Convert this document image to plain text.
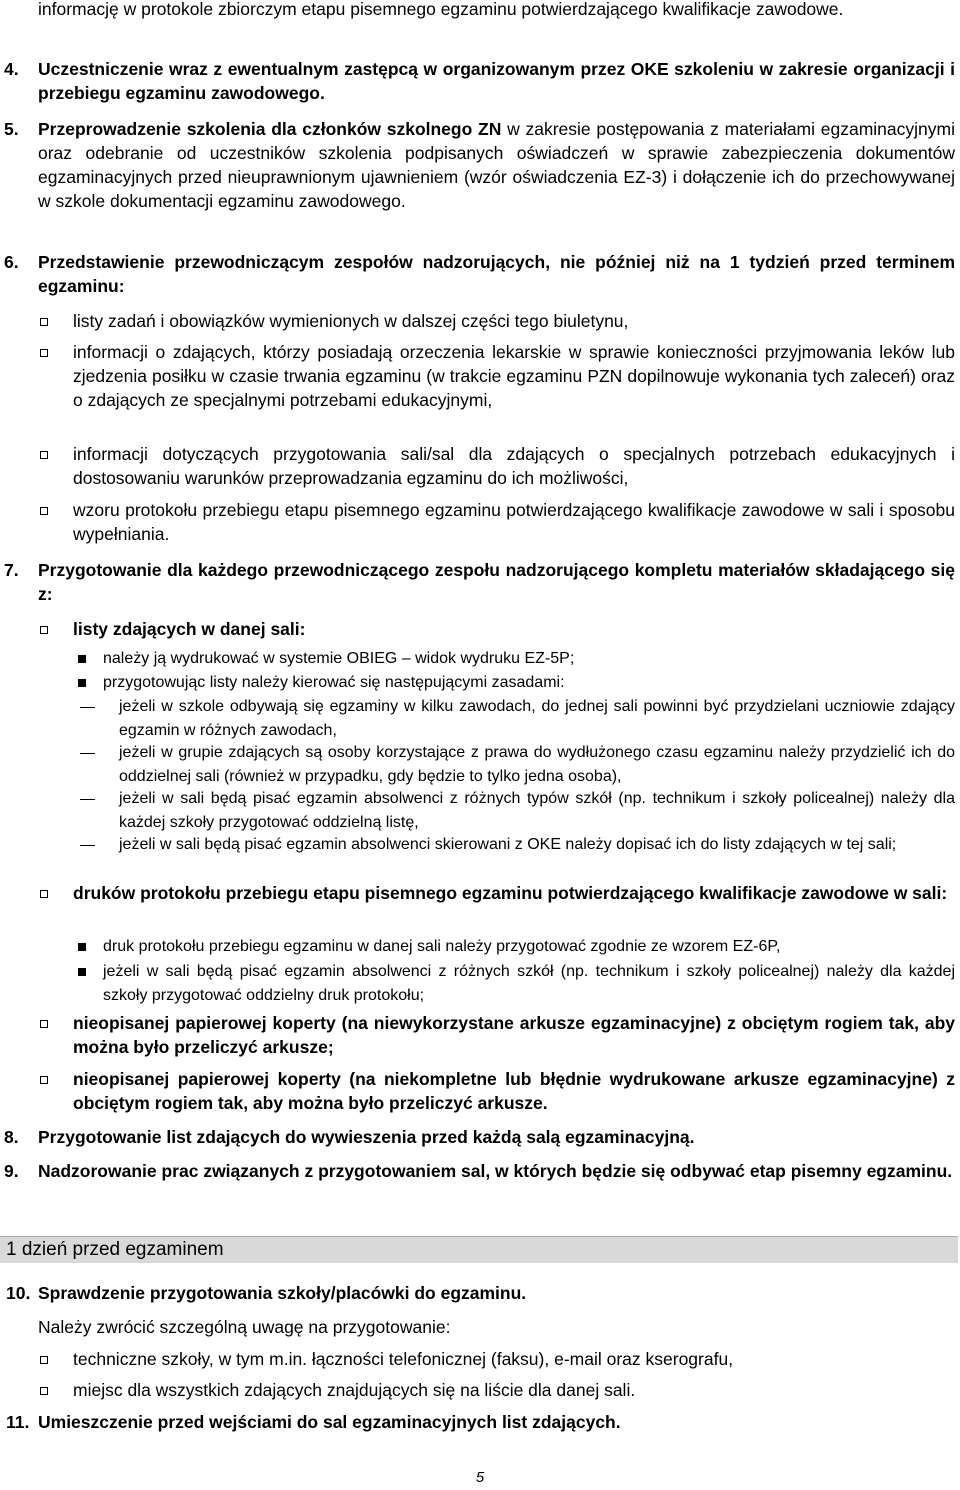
informację w protokole zbiorczym etapu pisemnego egzaminu potwierdzającego kwalifikacje zawodowe.
4. Uczestniczenie wraz z ewentualnym zastępcą w organizowanym przez OKE szkoleniu w zakresie organizacji i przebiegu egzaminu zawodowego.
5. Przeprowadzenie szkolenia dla członków szkolnego ZN w zakresie postępowania z materiałami egzaminacyjnymi oraz odebranie od uczestników szkolenia podpisanych oświadczeń w sprawie zabezpieczenia dokumentów egzaminacyjnych przed nieuprawnionym ujawnieniem (wzór oświadczenia EZ-3) i dołączenie ich do przechowywanej w szkole dokumentacji egzaminu zawodowego.
6. Przedstawienie przewodniczącym zespołów nadzorujących, nie później niż na 1 tydzień przed terminem egzaminu:
listy zadań i obowiązków wymienionych w dalszej części tego biuletynu,
informacji o zdających, którzy posiadają orzeczenia lekarskie w sprawie konieczności przyjmowania leków lub zjedzenia posiłku w czasie trwania egzaminu (w trakcie egzaminu PZN dopilnowuje wykonania tych zaleceń) oraz o zdających ze specjalnymi potrzebami edukacyjnymi,
informacji dotyczących przygotowania sali/sal dla zdających o specjalnych potrzebach edukacyjnych i dostosowaniu warunków przeprowadzania egzaminu do ich możliwości,
wzoru protokołu przebiegu etapu pisemnego egzaminu potwierdzającego kwalifikacje zawodowe w sali i sposobu wypełniania.
7. Przygotowanie dla każdego przewodniczącego zespołu nadzorującego kompletu materiałów składającego się z:
listy zdających w danej sali:
należy ją wydrukować w systemie OBIEG – widok wydruku EZ-5P;
przygotowując listy należy kierować się następującymi zasadami:
jeżeli w szkole odbywają się egzaminy w kilku zawodach, do jednej sali powinni być przydzielani uczniowie zdający egzamin w różnych zawodach,
jeżeli w grupie zdających są osoby korzystające z prawa do wydłużonego czasu egzaminu należy przydzielić ich do oddzielnej sali (również w przypadku, gdy będzie to tylko jedna osoba),
jeżeli w sali będą pisać egzamin absolwenci z różnych typów szkół (np. technikum i szkoły policealnej) należy dla każdej szkoły przygotować oddzielną listę,
jeżeli w sali będą pisać egzamin absolwenci skierowani z OKE należy dopisać ich do listy zdających w tej sali;
druków protokołu przebiegu etapu pisemnego egzaminu potwierdzającego kwalifikacje zawodowe w sali:
druk protokołu przebiegu egzaminu w danej sali należy przygotować zgodnie ze wzorem EZ-6P,
jeżeli w sali będą pisać egzamin absolwenci z różnych szkół (np. technikum i szkoły policealnej) należy dla każdej szkoły przygotować oddzielny druk protokołu;
nieopisanej papierowej koperty (na niewykorzystane arkusze egzaminacyjne) z obciętym rogiem tak, aby można było przeliczyć arkusze;
nieopisanej papierowej koperty (na niekompletne lub błędnie wydrukowane arkusze egzaminacyjne) z obciętym rogiem tak, aby można było przeliczyć arkusze.
8. Przygotowanie list zdających do wywieszenia przed każdą salą egzaminacyjną.
9. Nadzorowanie prac związanych z przygotowaniem sal, w których będzie się odbywać etap pisemny egzaminu.
1 dzień przed egzaminem
10. Sprawdzenie przygotowania szkoły/placówki do egzaminu.
Należy zwrócić szczególną uwagę na przygotowanie:
techniczne szkoły, w tym m.in. łączności telefonicznej (faksu), e-mail oraz kserografu,
miejsc dla wszystkich zdających znajdujących się na liście dla danej sali.
11. Umieszczenie przed wejściami do sal egzaminacyjnych list zdających.
5
